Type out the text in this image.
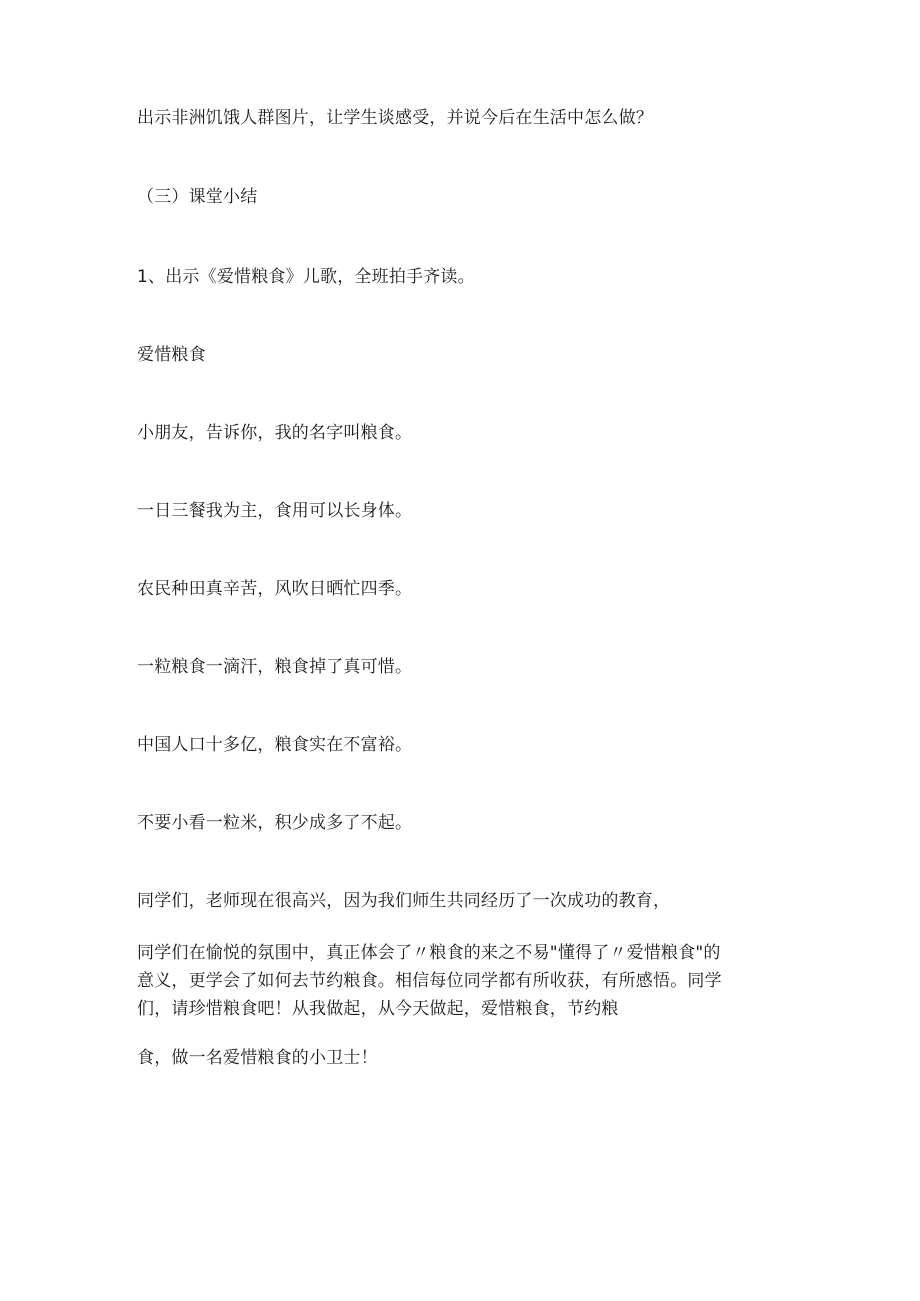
出示非洲饥饿人群图片，让学生谈感受，并说今后在生活中怎么做？
（三）课堂小结
1、出示《爱惜粮食》儿歌，全班拍手齐读。
爱惜粮食
小朋友，告诉你，我的名字叫粮食。
一日三餐我为主，食用可以长身体。
农民种田真辛苦，风吹日晒忙四季。
一粒粮食一滴汗，粮食掉了真可惜。
中国人口十多亿，粮食实在不富裕。
不要小看一粒米，积少成多了不起。
同学们，老师现在很高兴，因为我们师生共同经历了一次成功的教育，
同学们在愉悦的氛围中，真正体会了〃粮食的来之不易"懂得了〃爱惜粮食"的
意义，更学会了如何去节约粮食。相信每位同学都有所收获，有所感悟。同学
们，请珍惜粮食吧！从我做起，从今天做起，爱惜粮食，节约粮
食，做一名爱惜粮食的小卫士！
